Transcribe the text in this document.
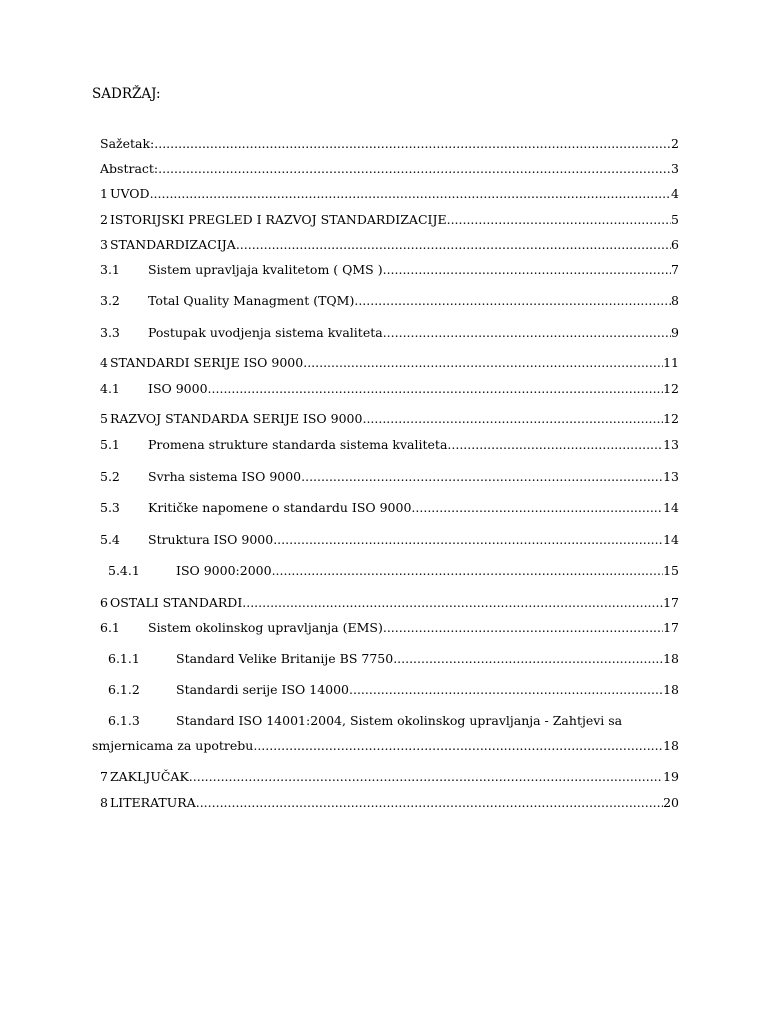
SADRŽAJ:
Sažetak: .....	2
Abstract: .....	3
1 UVOD .....	4
2 ISTORIJSKI PREGLED I RAZVOJ STANDARDIZACIJE .....	5
3 STANDARDIZACIJA .....	6
3.1	Sistem upravljaja kvalitetom ( QMS ) .....	7
3.2	Total Quality Managment (TQM) .....	8
3.3	Postupak uvodjenja sistema kvaliteta .....	9
4 STANDARDI SERIJE ISO 9000 .....	11
4.1	ISO 9000 .....	12
5 RAZVOJ STANDARDA SERIJE ISO 9000 .....	12
5.1	Promena strukture standarda sistema kvaliteta .....	13
5.2	Svrha sistema ISO 9000 .....	13
5.3	Kritičke napomene o standardu ISO 9000 .....	14
5.4	Struktura ISO 9000 .....	14
5.4.1	ISO 9000:2000 .....	15
6 OSTALI STANDARDI .....	17
6.1	Sistem okolinskog upravljanja (EMS) .....	17
6.1.1	Standard Velike Britanije BS 7750 .....	18
6.1.2	Standardi serije ISO 14000 .....	18
6.1.3	Standard ISO 14001:2004, Sistem okolinskog upravljanja - Zahtjevi sa
smjernicama za upotrebu .....	18
7 ZAKLJUČAK .....	19
8 LITERATURA .....	20
